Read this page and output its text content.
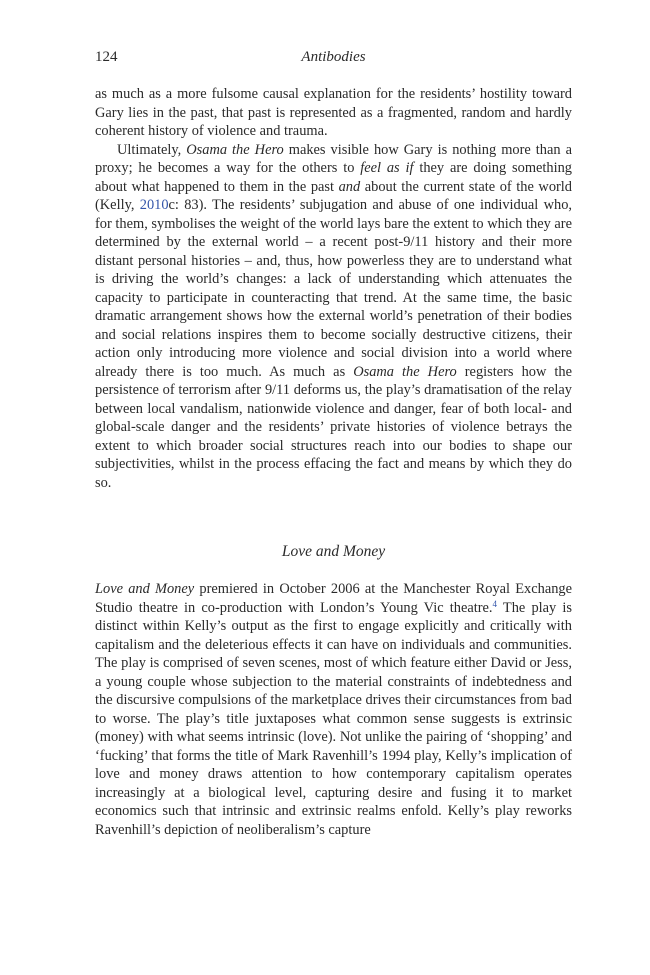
124	Antibodies

as much as a more fulsome causal explanation for the residents’ hostility toward Gary lies in the past, that past is represented as a fragmented, random and hardly coherent history of violence and trauma.

Ultimately, Osama the Hero makes visible how Gary is nothing more than a proxy; he becomes a way for the others to feel as if they are doing something about what happened to them in the past and about the current state of the world (Kelly, 2010c: 83). The residents’ subjugation and abuse of one individual who, for them, symbolises the weight of the world lays bare the extent to which they are determined by the external world – a recent post-9/11 history and their more distant personal histories – and, thus, how powerless they are to understand what is driving the world’s changes: a lack of understanding which attenuates the capacity to participate in counteracting that trend. At the same time, the basic dramatic arrangement shows how the external world’s penetration of their bodies and social relations inspires them to become socially destructive citizens, their action only introducing more violence and social division into a world where already there is too much. As much as Osama the Hero registers how the persistence of terrorism after 9/11 deforms us, the play’s dramatisation of the relay between local vandalism, nationwide violence and danger, fear of both local- and global-scale danger and the residents’ private histories of violence betrays the extent to which broader social structures reach into our bodies to shape our subjectivities, whilst in the process effacing the fact and means by which they do so.

Love and Money

Love and Money premiered in October 2006 at the Manchester Royal Exchange Studio theatre in co-production with London’s Young Vic theatre.$^4$ The play is distinct within Kelly’s output as the first to engage explicitly and critically with capitalism and the deleterious effects it can have on individuals and communities. The play is comprised of seven scenes, most of which feature either David or Jess, a young couple whose subjection to the material constraints of indebtedness and the discursive compulsions of the marketplace drives their circumstances from bad to worse. The play’s title juxtaposes what common sense suggests is extrinsic (money) with what seems intrinsic (love). Not unlike the pairing of ‘shopping’ and ‘fucking’ that forms the title of Mark Ravenhill’s 1994 play, Kelly’s implication of love and money draws attention to how contemporary capitalism operates increasingly at a biological level, capturing desire and fusing it to market economics such that intrinsic and extrinsic realms enfold. Kelly’s play reworks Ravenhill’s depiction of neoliberalism’s capture
